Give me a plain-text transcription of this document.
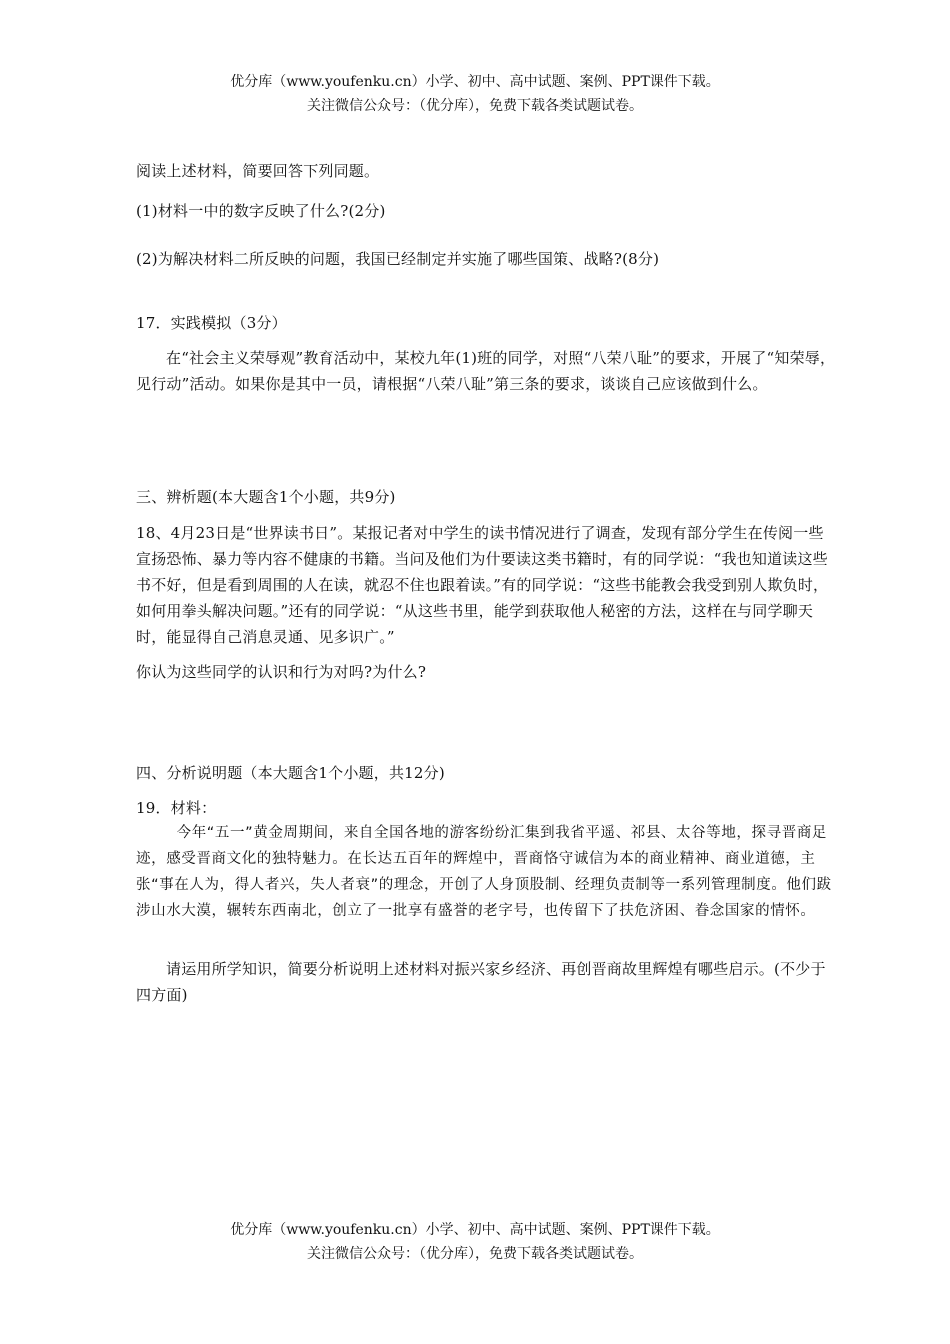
优分库（www.youfenku.cn）小学、初中、高中试题、案例、PPT课件下载。
关注微信公众号：（优分库），免费下载各类试题试卷。
阅读上述材料，简要回答下列同题。
(1)材料一中的数字反映了什么?(2分)
(2)为解决材料二所反映的问题，我国已经制定并实施了哪些国策、战略?(8分)
17．实践模拟（3分）

在“社会主义荣辱观”教育活动中，某校九年(1)班的同学，对照“八荣八耻”的要求，开展了“知荣辱，见行动”活动。如果你是其中一员，请根据“八荣八耻”第三条的要求，谈谈自己应该做到什么。

三、辨析题(本大题含1个小题，共9分)
18、4月23日是“世界读书日”。某报记者对中学生的读书情况进行了调查，发现有部分学生在传阅一些宣扬恐怖、暴力等内容不健康的书籍。当问及他们为什要读这类书籍时，有的同学说：“我也知道读这些书不好，但是看到周围的人在读，就忍不住也跟着读。”有的同学说：“这些书能教会我受到别人欺负时，如何用拳头解决问题。”还有的同学说：“从这些书里，能学到获取他人秘密的方法，这样在与同学聊天时，能显得自己消息灵通、见多识广。”
你认为这些同学的认识和行为对吗?为什么?
四、分析说明题（本大题含1个小题，共12分)
19．材料：

今年“五一”黄金周期间，来自全国各地的游客纷纷汇集到我省平遥、祁县、太谷等地，探寻晋商足迹，感受晋商文化的独特魅力。在长达五百年的辉煌中，晋商恪守诚信为本的商业精神、商业道德，主张“事在人为，得人者兴，失人者衰”的理念，开创了人身顶股制、经理负责制等一系列管理制度。他们跋涉山水大漠，辗转东西南北，创立了一批享有盛誉的老字号，也传留下了扶危济困、眷念国家的情怀。

请运用所学知识，简要分析说明上述材料对振兴家乡经济、再创晋商故里辉煌有哪些启示。(不少于四方面)

优分库（www.youfenku.cn）小学、初中、高中试题、案例、PPT课件下载。
关注微信公众号：（优分库），免费下载各类试题试卷。
